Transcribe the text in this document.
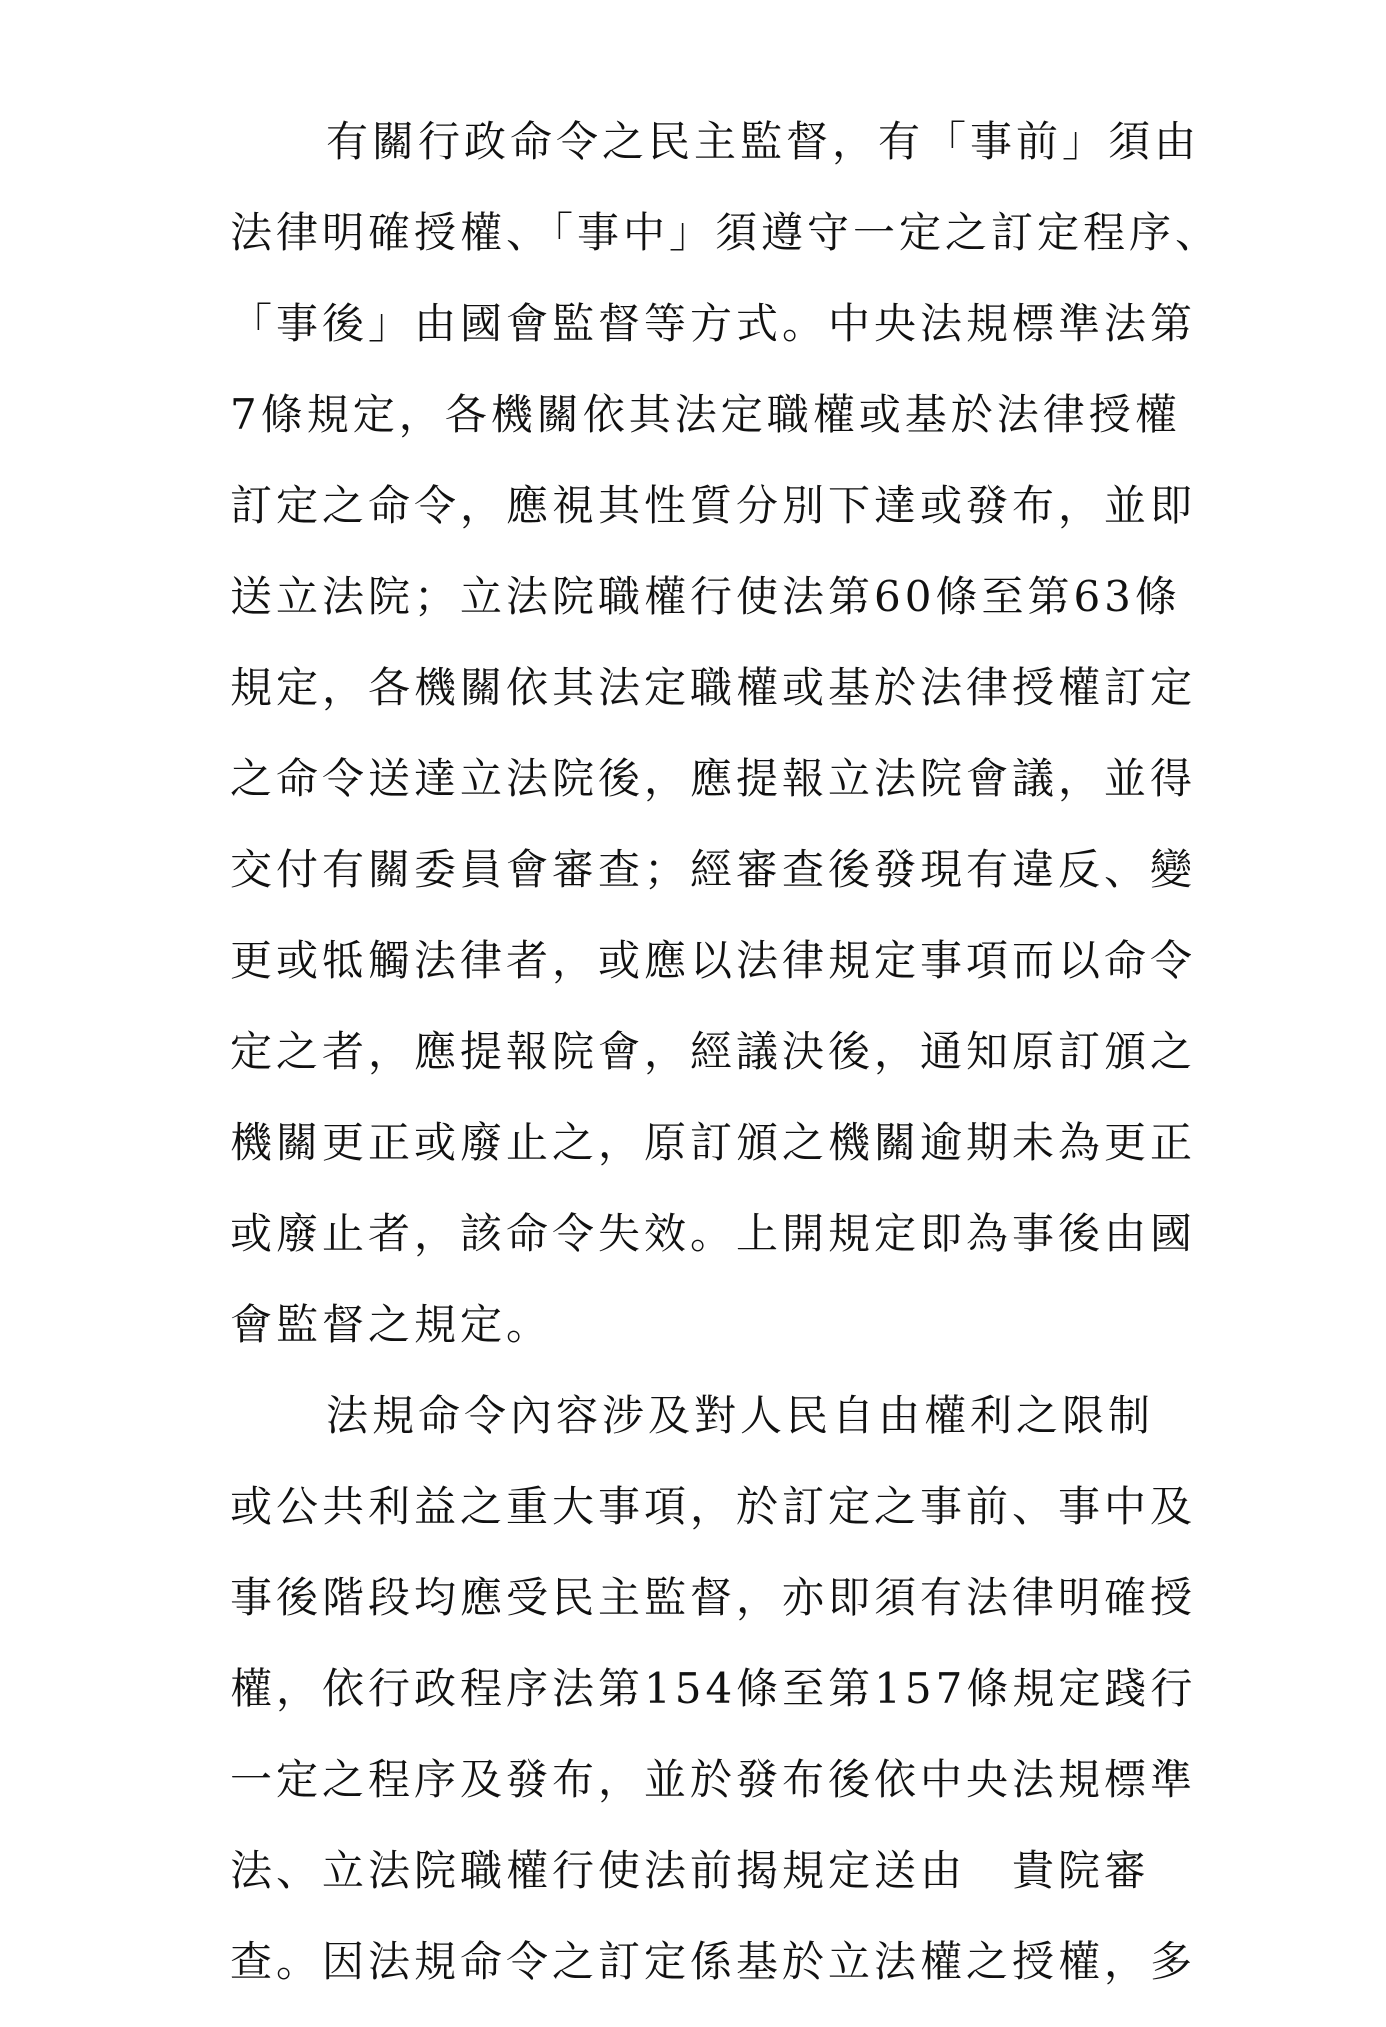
有關行政命令之民主監督，有「事前」須由
法律明確授權、「事中」須遵守一定之訂定程序、
「事後」由國會監督等方式。中央法規標準法第
7條規定，各機關依其法定職權或基於法律授權
訂定之命令，應視其性質分別下達或發布，並即
送立法院；立法院職權行使法第60條至第63條
規定，各機關依其法定職權或基於法律授權訂定
之命令送達立法院後，應提報立法院會議，並得
交付有關委員會審查；經審查後發現有違反、變
更或牴觸法律者，或應以法律規定事項而以命令
定之者，應提報院會，經議決後，通知原訂頒之
機關更正或廢止之，原訂頒之機關逾期未為更正
或廢止者，該命令失效。上開規定即為事後由國
會監督之規定。
法規命令內容涉及對人民自由權利之限制
或公共利益之重大事項，於訂定之事前、事中及
事後階段均應受民主監督，亦即須有法律明確授
權，依行政程序法第154條至第157條規定踐行
一定之程序及發布，並於發布後依中央法規標準
法、立法院職權行使法前揭規定送由　貴院審
查。因法規命令之訂定係基於立法權之授權，多
